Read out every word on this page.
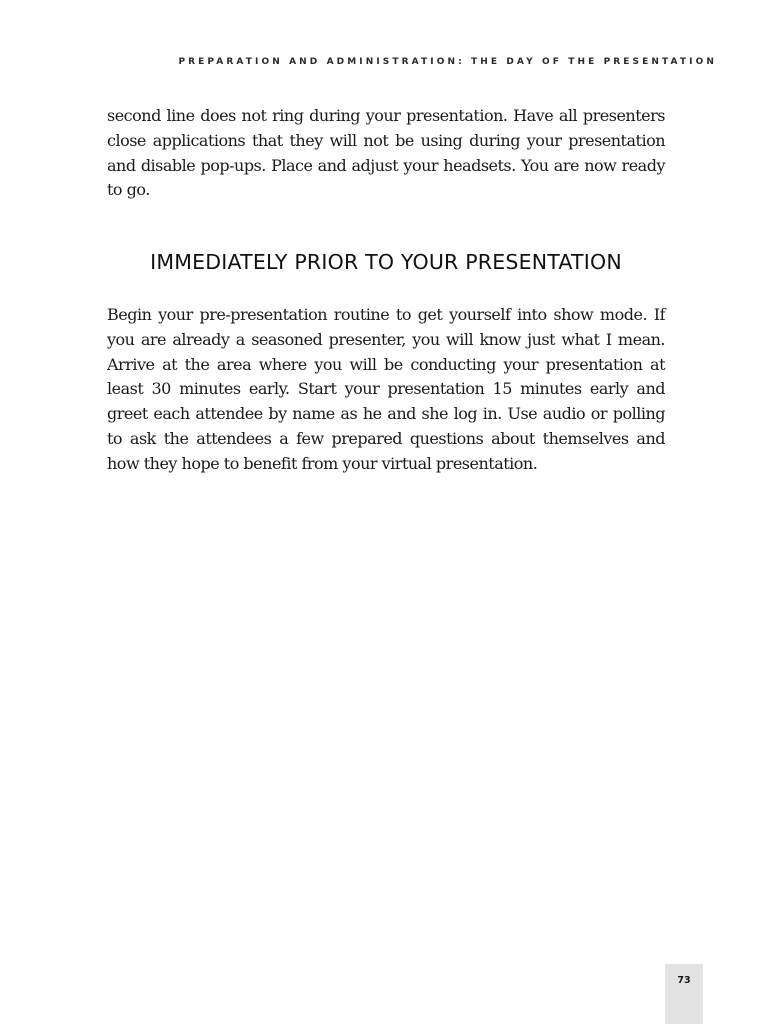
PREPARATION AND ADMINISTRATION: THE DAY OF THE PRESENTATION

second line does not ring during your presentation. Have all presenters close applications that they will not be using during your presentation and disable pop-ups. Place and adjust your headsets. You are now ready to go.

IMMEDIATELY PRIOR TO YOUR PRESENTATION

Begin your pre-presentation routine to get yourself into show mode. If you are already a seasoned presenter, you will know just what I mean. Arrive at the area where you will be conducting your presentation at least 30 minutes early. Start your presentation 15 minutes early and greet each attendee by name as he and she log in. Use audio or polling to ask the attendees a few prepared questions about themselves and how they hope to benefit from your virtual presentation.

73
